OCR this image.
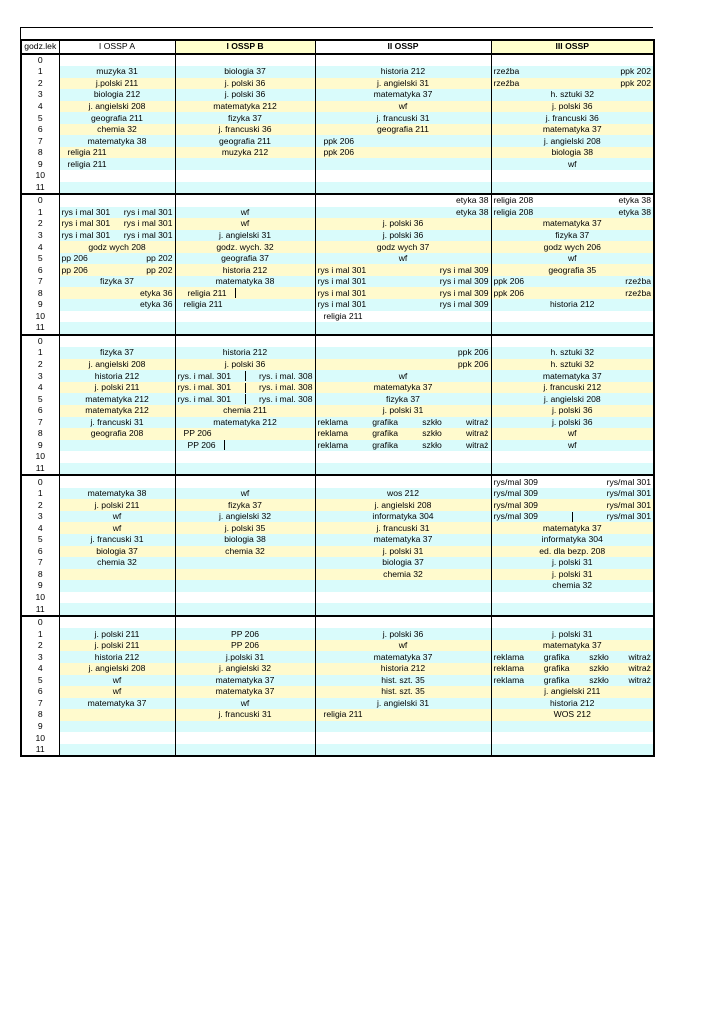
godz.lek	I OSSP A	I OSSP B	II OSSP	III OSSP
0	

1	muzyka 31	biologia 37	historia 212	rzeźba ppk 202

2	j.polski 211	j. polski 36	j. angielski 31	rzeźba ppk 202

3	biologia 212	j. polski 36	matematyka 37	h. sztuki 32

4	j. angielski 208	matematyka 212	wf	j. polski 36

5	geografia 211	fizyka 37	j. francuski 31	j. francuski 36

6	chemia 32	j. francuski 36	geografia 211	matematyka 37

7	matematyka 38	geografia 211	ppk 206	j. angielski 208

8	religia 211	muzyka 212	ppk 206	biologia 38

9	religia 211			wf

10	

11	

0			etyka 38	religia 208 etyka 38

1	rys i mal 301 rys i mal 301	wf	etyka 38	religia 208 etyka 38

2	rys i mal 301 rys i mal 301	wf	j. polski 36	matematyka 37

3	rys i mal 301 rys i mal 301	j. angielski 31	j. polski 36	fizyka 37

4	godz wych 208	godz. wych. 32	godz wych 37	godz wych 206

5	pp 206 pp 202	geografia 37	wf	wf

6	pp 206 pp 202	historia 212	rys i mal 301 rys i mal 309	geografia 35

7	fizyka 37	matematyka 38	rys i mal 301 rys i mal 309	ppk 206 rzeźba

8	etyka 36	religia 211	rys i mal 301 rys i mal 309	ppk 206 rzeźba

9	etyka 36	religia 211	rys i mal 301 rys i mal 309	historia 212

10			religia 211	

11	

0	

1	fizyka 37	historia 212	ppk 206	h. sztuki 32

2	j. angielski 208	j. polski 36	ppk 206	h. sztuki 32

3	historia 212	rys. i mal. 301 rys. i mal. 308	wf	matematyka 37

4	j. polski 211	rys. i mal. 301 rys. i mal. 308	matematyka 37	j. francuski 212

5	matematyka 212	rys. i mal. 301 rys. i mal. 308	fizyka 37	j. angielski 208

6	matematyka 212	chemia 211	j. polski 31	j. polski 36

7	j. francuski 31	matematyka 212	reklama grafika szkło witraż	j. polski 36

8	geografia 208	PP 206	reklama grafika szkło witraż	wf

9		PP 206	reklama grafika szkło witraż	wf

10	

11	

0				rys/mal 309 rys/mal 301

1	matematyka 38	wf	wos 212	rys/mal 309 rys/mal 301

2	j. polski 211	fizyka 37	j. angielski 208	rys/mal 309 rys/mal 301

3	wf	j. angielski 32	informatyka 304	rys/mal 309 rys/mal 301

4	wf	j. polski 35	j. francuski 31	matematyka 37

5	j. francuski 31	biologia 38	matematyka 37	informatyka 304

6	biologia 37	chemia 32	j. polski 31	ed. dla bezp. 208

7	chemia 32		biologia 37	j. polski 31

8			chemia 32	j. polski 31

9				chemia 32

10	

11	

0	

1	j. polski 211	PP 206	j. polski 36	j. polski 31

2	j. polski 211	PP 206	wf	matematyka 37

3	historia 212	j.polski 31	matematyka 37	reklama grafika szkło witraż

4	j. angielski 208	j. angielski 32	historia 212	reklama grafika szkło witraż

5	wf	matematyka 37	hist. szt. 35	reklama grafika szkło witraż

6	wf	matematyka 37	hist. szt. 35	j. angielski 211

7	matematyka 37	wf	j. angielski 31	historia 212

8		j. francuski 31	religia 211	WOS 212

9	

10	

11	
